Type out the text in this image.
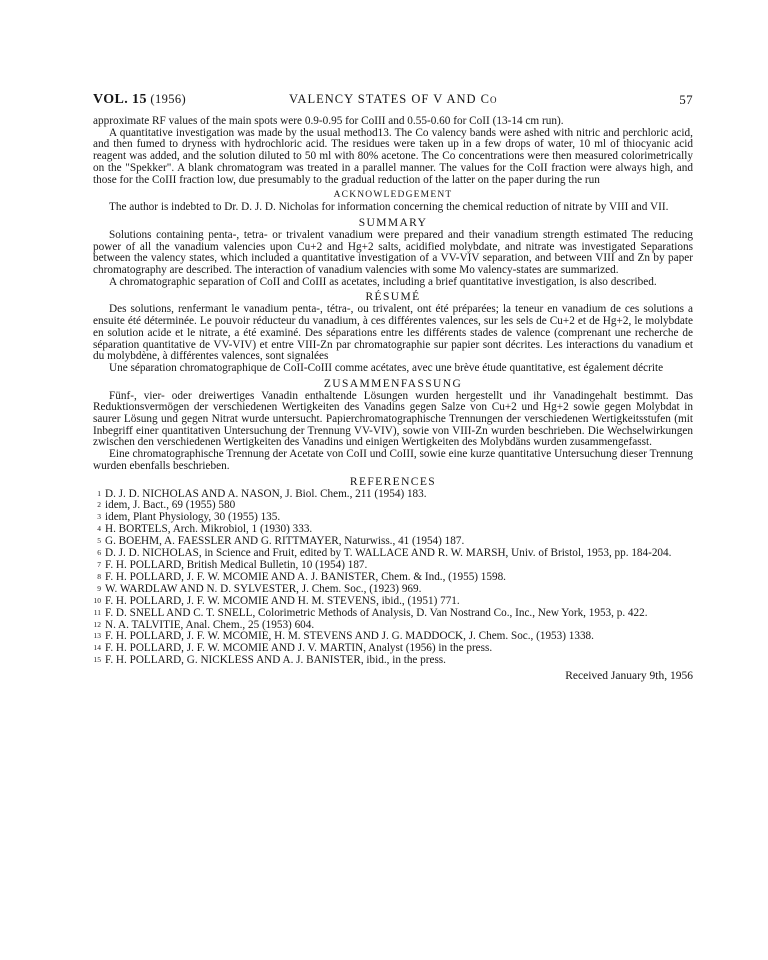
VOL. 15 (1956)	VALENCY STATES OF V AND Co	57

approximate RF values of the main spots were 0.9-0.95 for CoIII and 0.55-0.60 for CoII (13-14 cm run).

A quantitative investigation was made by the usual method13. The Co valency bands were ashed with nitric and perchloric acid, and then fumed to dryness with hydrochloric acid. The residues were taken up in a few drops of water, 10 ml of thiocyanic acid reagent was added, and the solution diluted to 50 ml with 80% acetone. The Co concentrations were then measured colorimetrically on the "Spekker". A blank chromatogram was treated in a parallel manner. The values for the CoII fraction were always high, and those for the CoIII fraction low, due presumably to the gradual reduction of the latter on the paper during the run

ACKNOWLEDGEMENT

The author is indebted to Dr. D. J. D. Nicholas for information concerning the chemical reduction of nitrate by VIII and VII.

SUMMARY

Solutions containing penta-, tetra- or trivalent vanadium were prepared and their vanadium strength estimated The reducing power of all the vanadium valencies upon Cu+2 and Hg+2 salts, acidified molybdate, and nitrate was investigated Separations between the valency states, which included a quantitative investigation of a VV-VIV separation, and between VIII and Zn by paper chromatography are described. The interaction of vanadium valencies with some Mo valency-states are summarized.

A chromatographic separation of CoII and CoIII as acetates, including a brief quantitative investigation, is also described.

RÉSUMÉ

Des solutions, renfermant le vanadium penta-, tétra-, ou trivalent, ont été préparées; la teneur en vanadium de ces solutions a ensuite été déterminée. Le pouvoir réducteur du vanadium, à ces différentes valences, sur les sels de Cu+2 et de Hg+2, le molybdate en solution acide et le nitrate, a été examiné. Des séparations entre les différents stades de valence (comprenant une recherche de séparation quantitative de VV-VIV) et entre VIII-Zn par chromatographie sur papier sont décrites. Les interactions du vanadium et du molybdène, à différentes valences, sont signalées

Une séparation chromatographique de CoII-CoIII comme acétates, avec une brève étude quantitative, est également décrite

ZUSAMMENFASSUNG

Fünf-, vier- oder dreiwertiges Vanadin enthaltende Lösungen wurden hergestellt und ihr Vanadingehalt bestimmt. Das Reduktionsvermögen der verschiedenen Wertigkeiten des Vanadins gegen Salze von Cu+2 und Hg+2 sowie gegen Molybdat in saurer Lösung und gegen Nitrat wurde untersucht. Papierchromatographische Trennungen der verschiedenen Wertigkeitsstufen (mit Inbegriff einer quantitativen Untersuchung der Trennung VV-VIV), sowie von VIII-Zn wurden beschrieben. Die Wechselwirkungen zwischen den verschiedenen Wertigkeiten des Vanadins und einigen Wertigkeiten des Molybdäns wurden zusammengefasst.

Eine chromatographische Trennung der Acetate von CoII und CoIII, sowie eine kurze quantitative Untersuchung dieser Trennung wurden ebenfalls beschrieben.

REFERENCES
1 D. J. D. NICHOLAS AND A. NASON, J. Biol. Chem., 211 (1954) 183.
2 idem, J. Bact., 69 (1955) 580
3 idem, Plant Physiology, 30 (1955) 135.
4 H. BORTELS, Arch. Mikrobiol, 1 (1930) 333.
5 G. BOEHM, A. FAESSLER AND G. RITTMAYER, Naturwiss., 41 (1954) 187.
6 D. J. D. NICHOLAS, in Science and Fruit, edited by T. WALLACE AND R. W. MARSH, Univ. of Bristol, 1953, pp. 184-204.
7 F. H. POLLARD, British Medical Bulletin, 10 (1954) 187.
8 F. H. POLLARD, J. F. W. MCOMIE AND A. J. BANISTER, Chem. & Ind., (1955) 1598.
9 W. WARDLAW AND N. D. SYLVESTER, J. Chem. Soc., (1923) 969.
10 F. H. POLLARD, J. F. W. MCOMIE AND H. M. STEVENS, ibid., (1951) 771.
11 F. D. SNELL AND C. T. SNELL, Colorimetric Methods of Analysis, D. Van Nostrand Co., Inc., New York, 1953, p. 422.
12 N. A. TALVITIE, Anal. Chem., 25 (1953) 604.
13 F. H. POLLARD, J. F. W. MCOMIE, H. M. STEVENS AND J. G. MADDOCK, J. Chem. Soc., (1953) 1338.
14 F. H. POLLARD, J. F. W. MCOMIE AND J. V. MARTIN, Analyst (1956) in the press.
15 F. H. POLLARD, G. NICKLESS AND A. J. BANISTER, ibid., in the press.
Received January 9th, 1956
